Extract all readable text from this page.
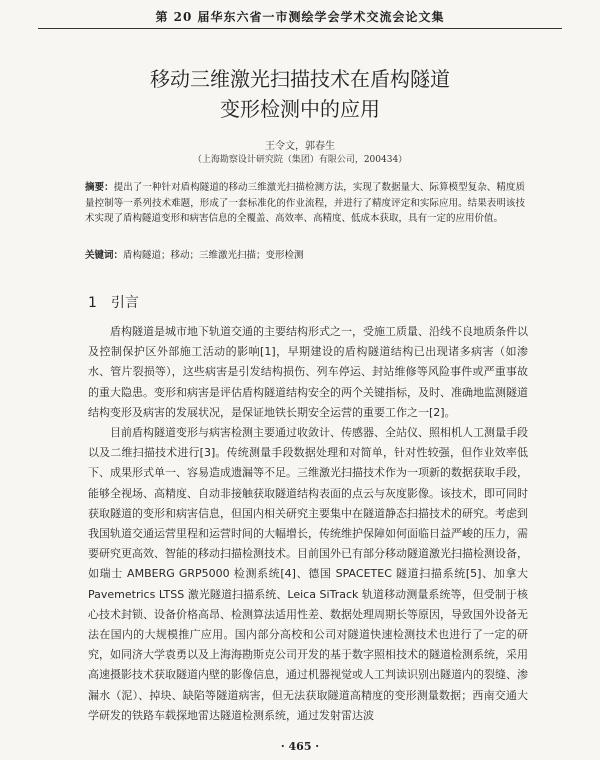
第 20 届华东六省一市测绘学会学术交流会论文集
移动三维激光扫描技术在盾构隧道
变形检测中的应用
王令文，郭春生
（上海勘察设计研究院（集团）有限公司，200434）
摘要：提出了一种针对盾构隧道的移动三维激光扫描检测方法，实现了数据量大、际算模型复杂、精度质量控制等一系列技术难题，形成了一套标准化的作业流程，并进行了精度评定和实际应用。结果表明该技术实现了盾构隧道变形和病害信息的全覆盖、高效率、高精度、低成本获取，具有一定的应用价值。
关键词：盾构隧道；移动；三维激光扫描；变形检测
1 引言

盾构隧道是城市地下轨道交通的主要结构形式之一，受施工质量、沿线不良地质条件以及控制保护区外部施工活动的影响[1]，早期建设的盾构隧道结构已出现诸多病害（如渗水、管片裂损等），这些病害是引发结构损伤、列车停运、封站维修等风险事件或严重事故的重大隐患。变形和病害是评估盾构隧道结构安全的两个关键指标，及时、准确地监测隧道结构变形及病害的发展状况，是保证地铁长期安全运营的重要工作之一[2]。

目前盾构隧道变形与病害检测主要通过收敛计、传感器、全站仪、照相机人工测量手段以及二维扫描技术进行[3]。传统测量手段数据处理和对简单，针对性较强，但作业效率低下、成果形式单一、容易造成遗漏等不足。三维激光扫描技术作为一项新的数据获取手段，能够全视场、高精度、自动非接触获取隧道结构表面的点云与灰度影像。该技术，即可同时获取隧道的变形和病害信息，但国内相关研究主要集中在隧道静态扫描技术的研究。考虑到我国轨道交通运营里程和运营时间的大幅增长，传统维护保障如何面临日益严峻的压力，需要研究更高效、智能的移动扫描检测技术。目前国外已有部分移动隧道激光扫描检测设备，如瑞士 AMBERG GRP5000 检测系统[4]、德国 SPACETEC 隧道扫描系统[5]、加拿大 Pavemetrics LTSS 激光隧道扫描系统、Leica SiTrack 轨道移动测量系统等，但受制于核心技术封锁、设备价格高昂、检测算法适用性差、数据处理周期长等原因，导致国外设备无法在国内的大规模推广应用。国内部分高校和公司对隧道快速检测技术也进行了一定的研究，如同济大学袁勇以及上海海勘斯克公司开发的基于数字照相技术的隧道检测系统，采用高速摄影技术获取隧道内壁的影像信息，通过机器视觉或人工判读识别出隧道内的裂缝、渗漏水（泥）、掉块、缺陷等隧道病害，但无法获取隧道高精度的变形测量数据；西南交通大学研发的铁路车载探地雷达隧道检测系统，通过发射雷达波

· 465 ·
